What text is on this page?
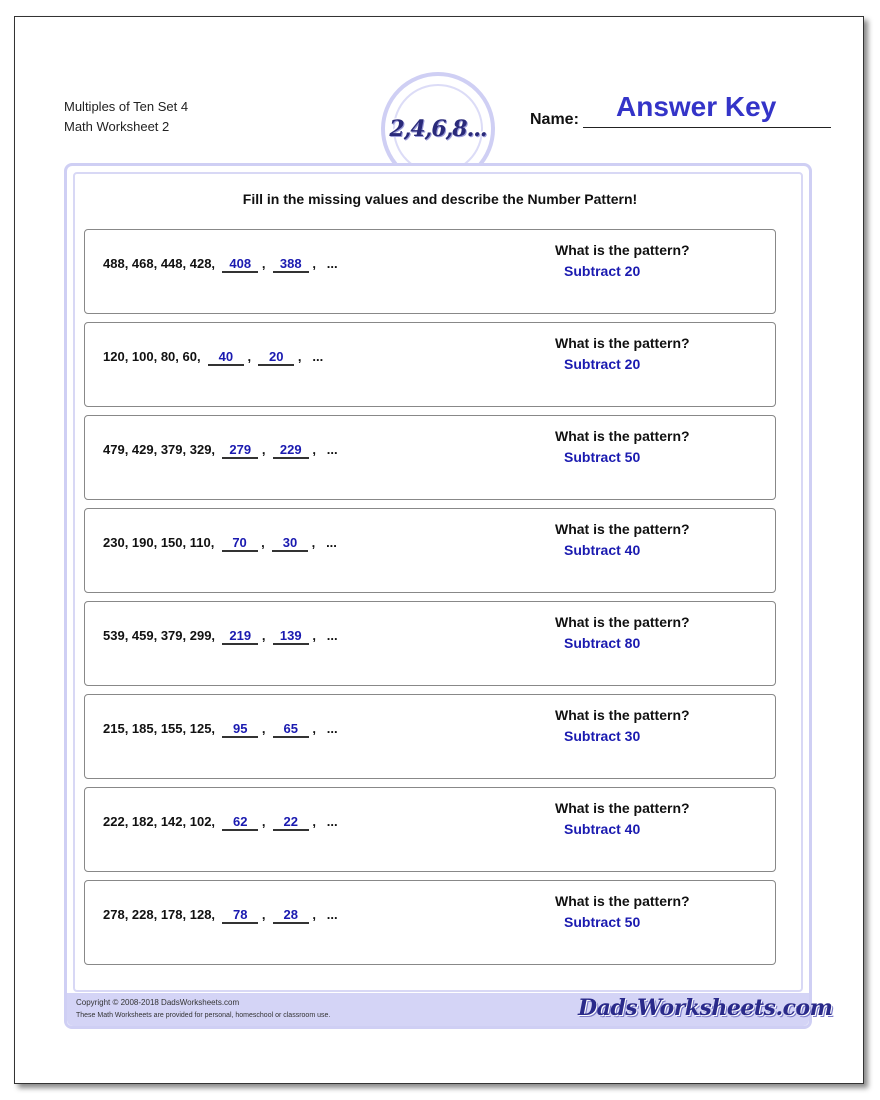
Multiples of Ten Set 4
Math Worksheet 2	2,4,6,8...	Name: Answer Key
Fill in the missing values and describe the Number Pattern!
488, 468, 448, 428, 408 ,  388 ,   ...
What is the pattern?
Subtract 20
120, 100, 80, 60, 40 ,  20 ,   ...
What is the pattern?
Subtract 20
479, 429, 379, 329, 279 ,  229 ,   ...
What is the pattern?
Subtract 50
230, 190, 150, 110, 70 ,  30 ,   ...
What is the pattern?
Subtract 40
539, 459, 379, 299, 219 ,  139 ,   ...
What is the pattern?
Subtract 80
215, 185, 155, 125, 95 ,  65 ,   ...
What is the pattern?
Subtract 30
222, 182, 142, 102, 62 ,  22 ,   ...
What is the pattern?
Subtract 40
278, 228, 178, 128, 78 ,  28 ,   ...
What is the pattern?
Subtract 50
Copyright © 2008-2018 DadsWorksheets.com
These Math Worksheets are provided for personal, homeschool or classroom use.	DadsWorksheets.com
